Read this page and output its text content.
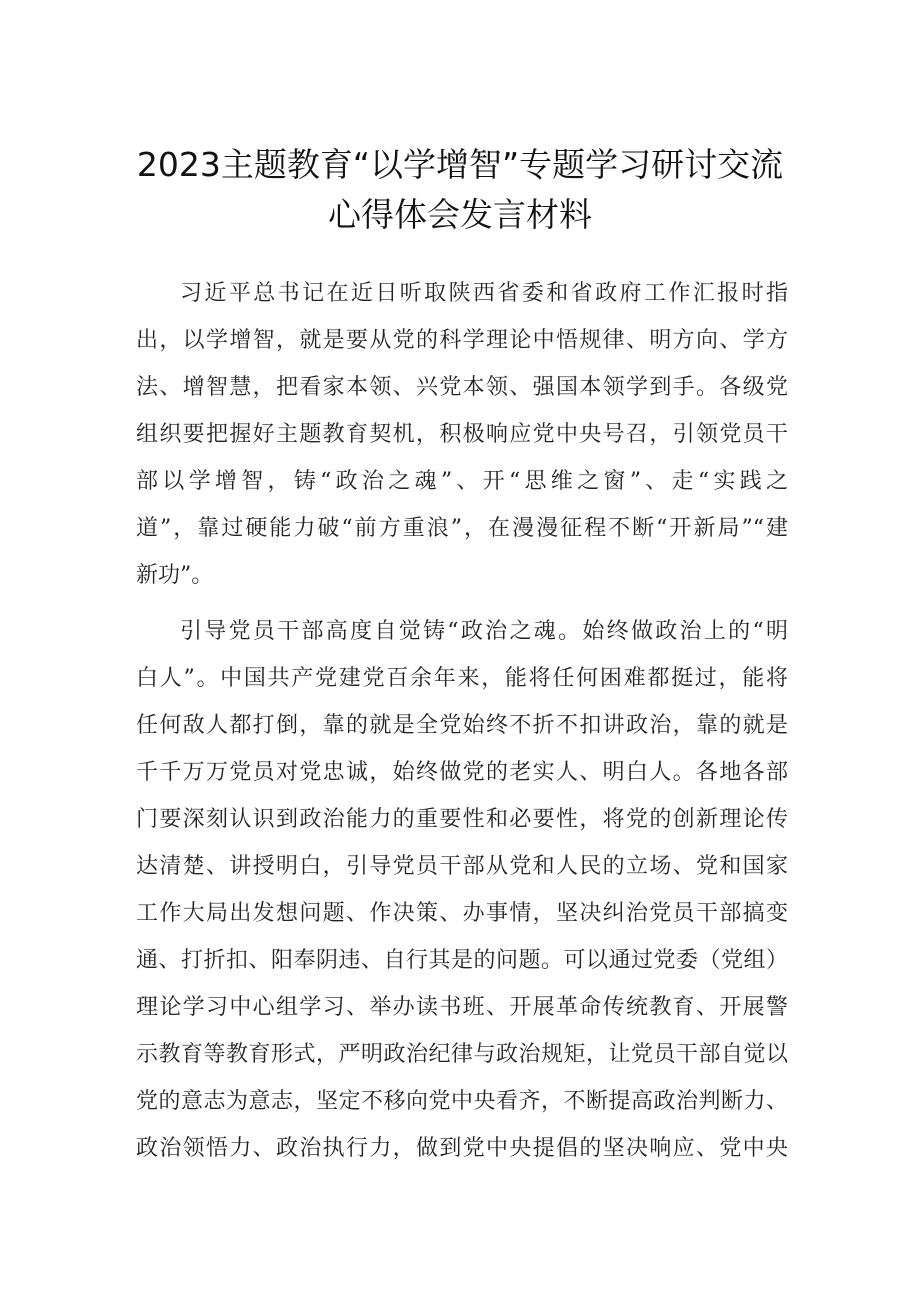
2023主题教育“以学增智”专题学习研讨交流
心得体会发言材料
习近平总书记在近日听取陕西省委和省政府工作汇报时指
出，以学增智，就是要从党的科学理论中悟规律、明方向、学方
法、增智慧，把看家本领、兴党本领、强国本领学到手。各级党
组织要把握好主题教育契机，积极响应党中央号召，引领党员干
部以学增智，铸“政治之魂”、开“思维之窗”、走“实践之
道”，靠过硬能力破“前方重浪”，在漫漫征程不断“开新局”“建
新功”。
引导党员干部高度自觉铸“政治之魂。始终做政治上的“明
白人”。中国共产党建党百余年来，能将任何困难都挺过，能将
任何敌人都打倒，靠的就是全党始终不折不扣讲政治，靠的就是
千千万万党员对党忠诚，始终做党的老实人、明白人。各地各部
门要深刻认识到政治能力的重要性和必要性，将党的创新理论传
达清楚、讲授明白，引导党员干部从党和人民的立场、党和国家
工作大局出发想问题、作决策、办事情，坚决纠治党员干部搞变
通、打折扣、阳奉阴违、自行其是的问题。可以通过党委（党组）
理论学习中心组学习、举办读书班、开展革命传统教育、开展警
示教育等教育形式，严明政治纪律与政治规矩，让党员干部自觉以
党的意志为意志，坚定不移向党中央看齐，不断提高政治判断力、
政治领悟力、政治执行力，做到党中央提倡的坚决响应、党中央
